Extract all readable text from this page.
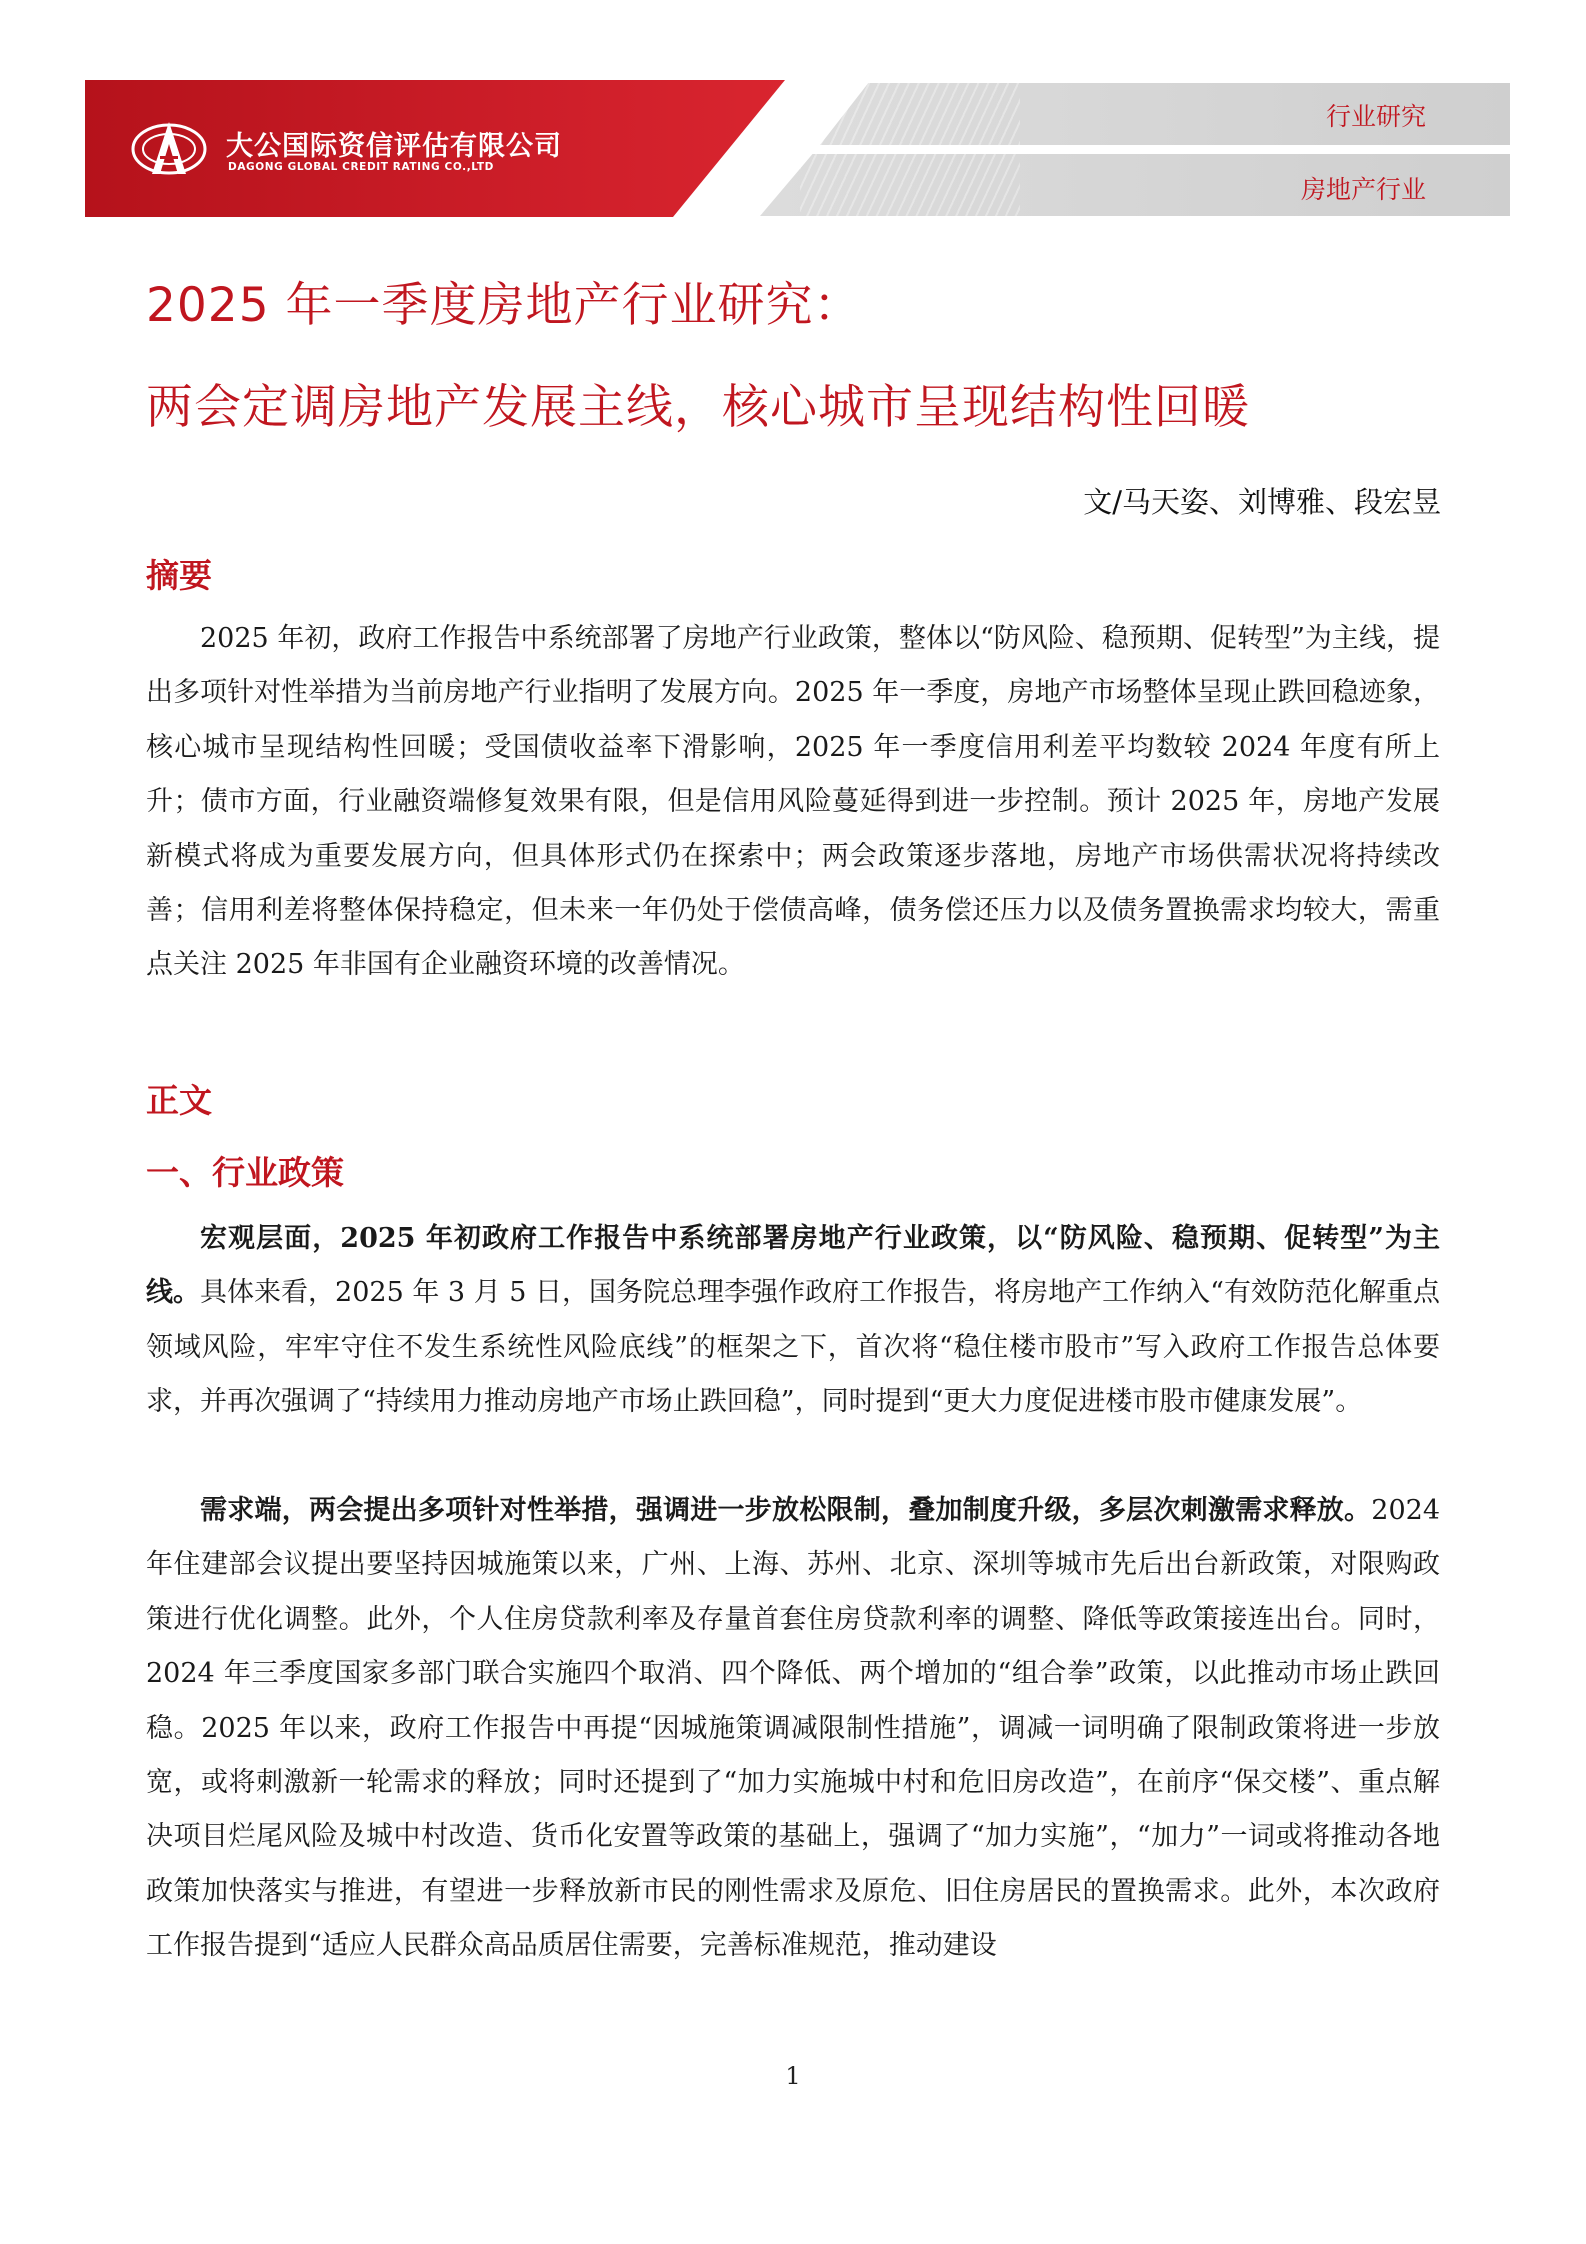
大公国际资信评估有限公司
DAGONG GLOBAL CREDIT RATING CO.,LTD
行业研究
房地产行业
2025 年一季度房地产行业研究：
两会定调房地产发展主线，核心城市呈现结构性回暖
文/马天姿、刘博雅、段宏昱
摘要

2025 年初，政府工作报告中系统部署了房地产行业政策，整体以“防风险、稳预期、促转型”为主线，提出多项针对性举措为当前房地产行业指明了发展方向。2025 年一季度，房地产市场整体呈现止跌回稳迹象，核心城市呈现结构性回暖；受国债收益率下滑影响，2025 年一季度信用利差平均数较 2024 年度有所上升；债市方面，行业融资端修复效果有限，但是信用风险蔓延得到进一步控制。预计 2025 年，房地产发展新模式将成为重要发展方向，但具体形式仍在探索中；两会政策逐步落地，房地产市场供需状况将持续改善；信用利差将整体保持稳定，但未来一年仍处于偿债高峰，债务偿还压力以及债务置换需求均较大，需重点关注 2025 年非国有企业融资环境的改善情况。

正文
一、行业政策

宏观层面，2025 年初政府工作报告中系统部署房地产行业政策，以“防风险、稳预期、促转型”为主线。具体来看，2025 年 3 月 5 日，国务院总理李强作政府工作报告，将房地产工作纳入“有效防范化解重点领域风险，牢牢守住不发生系统性风险底线”的框架之下，首次将“稳住楼市股市”写入政府工作报告总体要求，并再次强调了“持续用力推动房地产市场止跌回稳”，同时提到“更大力度促进楼市股市健康发展”。

需求端，两会提出多项针对性举措，强调进一步放松限制，叠加制度升级，多层次刺激需求释放。2024 年住建部会议提出要坚持因城施策以来，广州、上海、苏州、北京、深圳等城市先后出台新政策，对限购政策进行优化调整。此外，个人住房贷款利率及存量首套住房贷款利率的调整、降低等政策接连出台。同时，2024 年三季度国家多部门联合实施四个取消、四个降低、两个增加的“组合拳”政策，以此推动市场止跌回稳。2025 年以来，政府工作报告中再提“因城施策调减限制性措施”，调减一词明确了限制政策将进一步放宽，或将刺激新一轮需求的释放；同时还提到了“加力实施城中村和危旧房改造”，在前序“保交楼”、重点解决项目烂尾风险及城中村改造、货币化安置等政策的基础上，强调了“加力实施”，“加力”一词或将推动各地政策加快落实与推进，有望进一步释放新市民的刚性需求及原危、旧住房居民的置换需求。此外，本次政府工作报告提到“适应人民群众高品质居住需要，完善标准规范，推动建设

1
